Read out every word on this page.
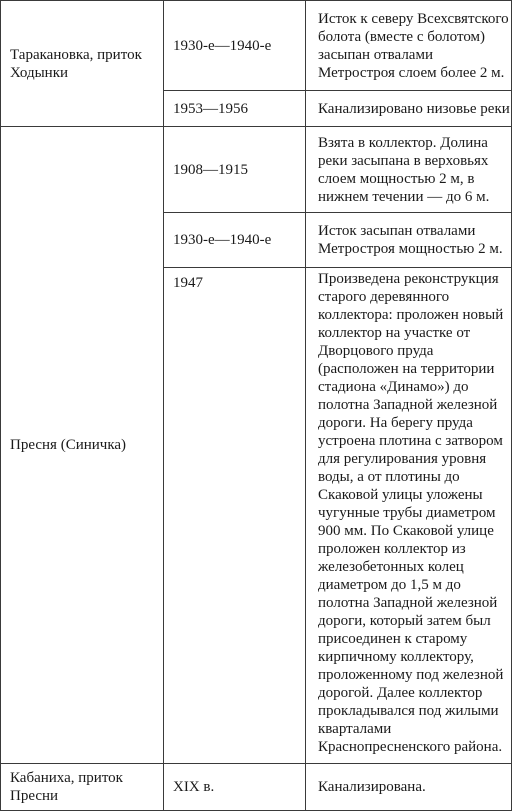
Таракановка, приток Ходынки	1930-е—1940-е	Исток к северу Всехсвятского болота (вместе с болотом) засыпан отвалами Метростроя слоем более 2 м.
	1953—1956	Канализировано низовье реки
Пресня (Синичка)	1908—1915	Взята в коллектор. Долина реки засыпана в верховьях слоем мощностью 2 м, в нижнем течении — до 6 м.
	1930-е—1940-е	Исток засыпан отвалами Метростроя мощностью 2 м.
	1947	Произведена реконструкция старого деревянного коллектора: проложен новый коллектор на участке от Дворцового пруда (расположен на территории стадиона «Динамо») до полотна Западной железной дороги. На берегу пруда устроена плотина с затвором для регулирования уровня воды, а от плотины до Скаковой улицы уложены чугунные трубы диаметром 900 мм. По Скаковой улице проложен коллектор из железобетонных колец диаметром до 1,5 м до полотна Западной железной дороги, который затем был присоединен к старому кирпичному коллектору, проложенному под железной дорогой. Далее коллектор прокладывался под жилыми кварталами Краснопресненского района.
Кабаниха, приток Пресни	XIX в.	Канализирована.
